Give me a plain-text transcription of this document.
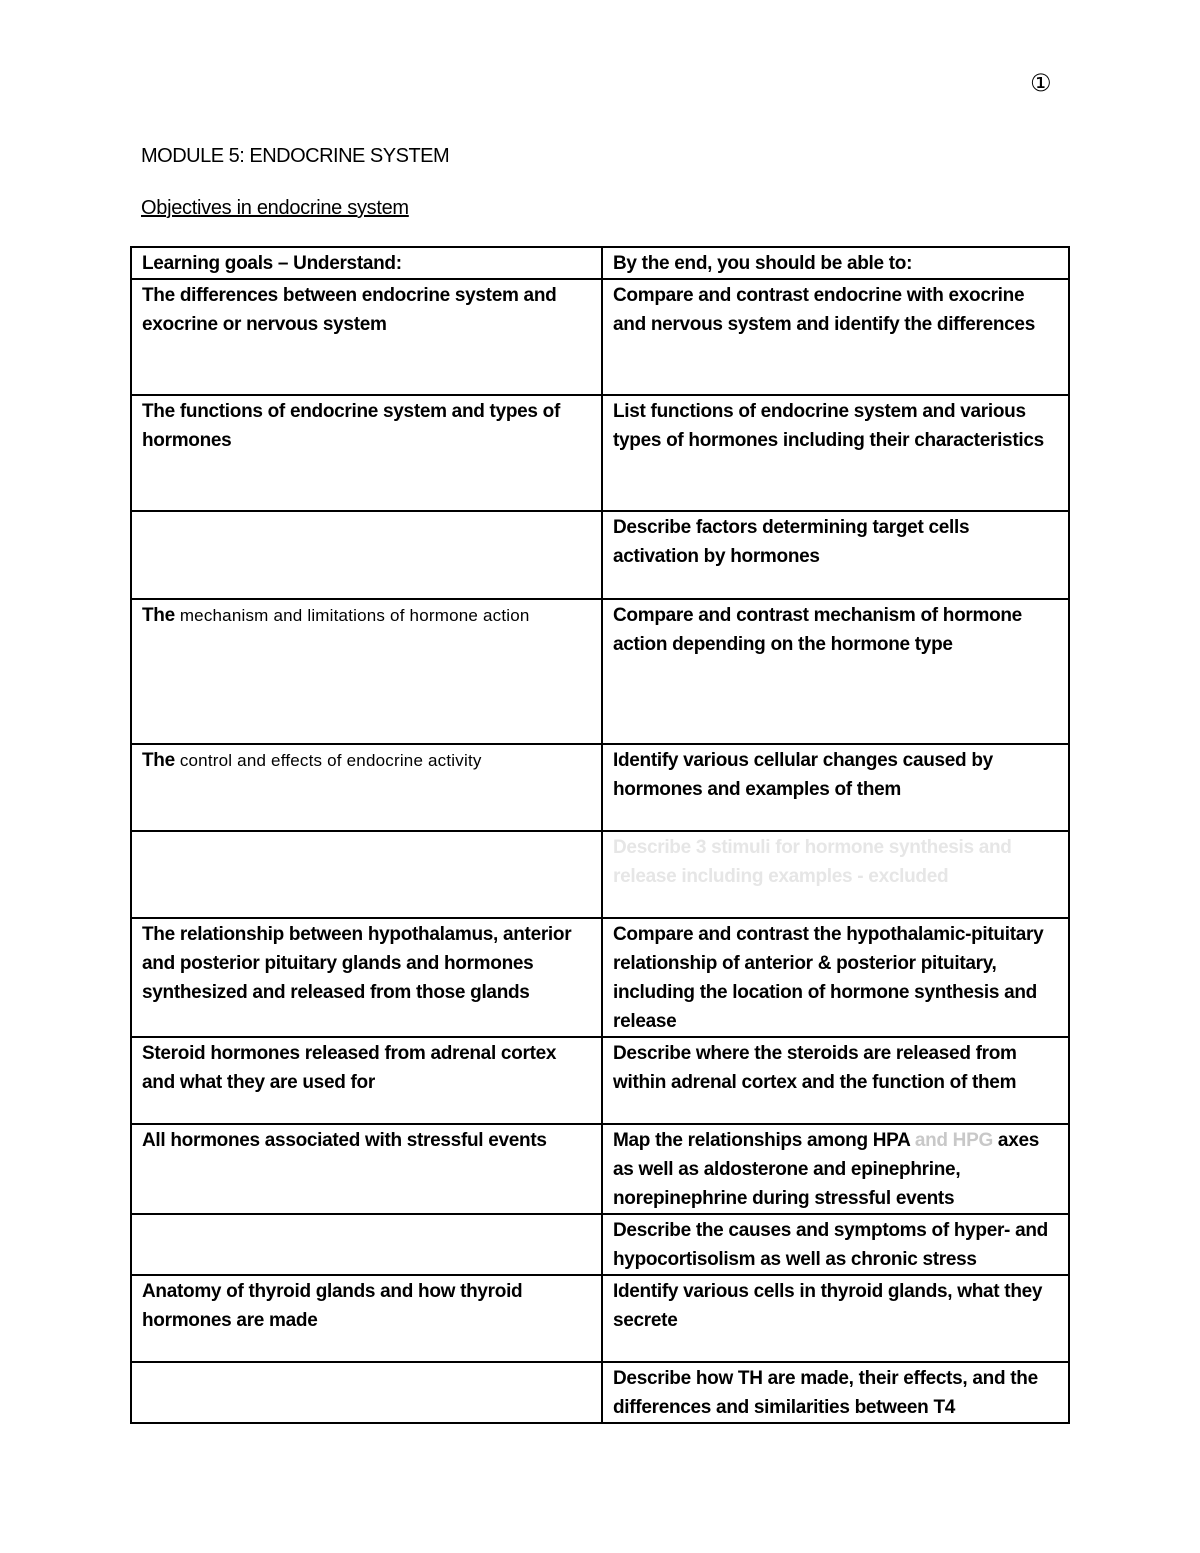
①
MODULE 5: ENDOCRINE SYSTEM
Objectives in endocrine system
Learning goals – Understand:	By the end, you should be able to:
The differences between endocrine system and exocrine or nervous system	Compare and contrast endocrine with exocrine and nervous system and identify the differences
The functions of endocrine system and types of hormones	List functions of endocrine system and various types of hormones including their characteristics
	Describe factors determining target cells activation by hormones
The mechanism and limitations of hormone action	Compare and contrast mechanism of hormone action depending on the hormone type
The control and effects of endocrine activity	Identify various cellular changes caused by hormones and examples of them
	Describe 3 stimuli for hormone synthesis and release including examples - excluded
The relationship between hypothalamus, anterior and posterior pituitary glands and hormones synthesized and released from those glands	Compare and contrast the hypothalamic-pituitary relationship of anterior & posterior pituitary, including the location of hormone synthesis and release
Steroid hormones released from adrenal cortex and what they are used for	Describe where the steroids are released from within adrenal cortex and the function of them
All hormones associated with stressful events	Map the relationships among HPA and HPG axes as well as aldosterone and epinephrine, norepinephrine during stressful events
	Describe the causes and symptoms of hyper- and hypocortisolism as well as chronic stress
Anatomy of thyroid glands and how thyroid hormones are made	Identify various cells in thyroid glands, what they secrete
	Describe how TH are made, their effects, and the differences and similarities between T4
